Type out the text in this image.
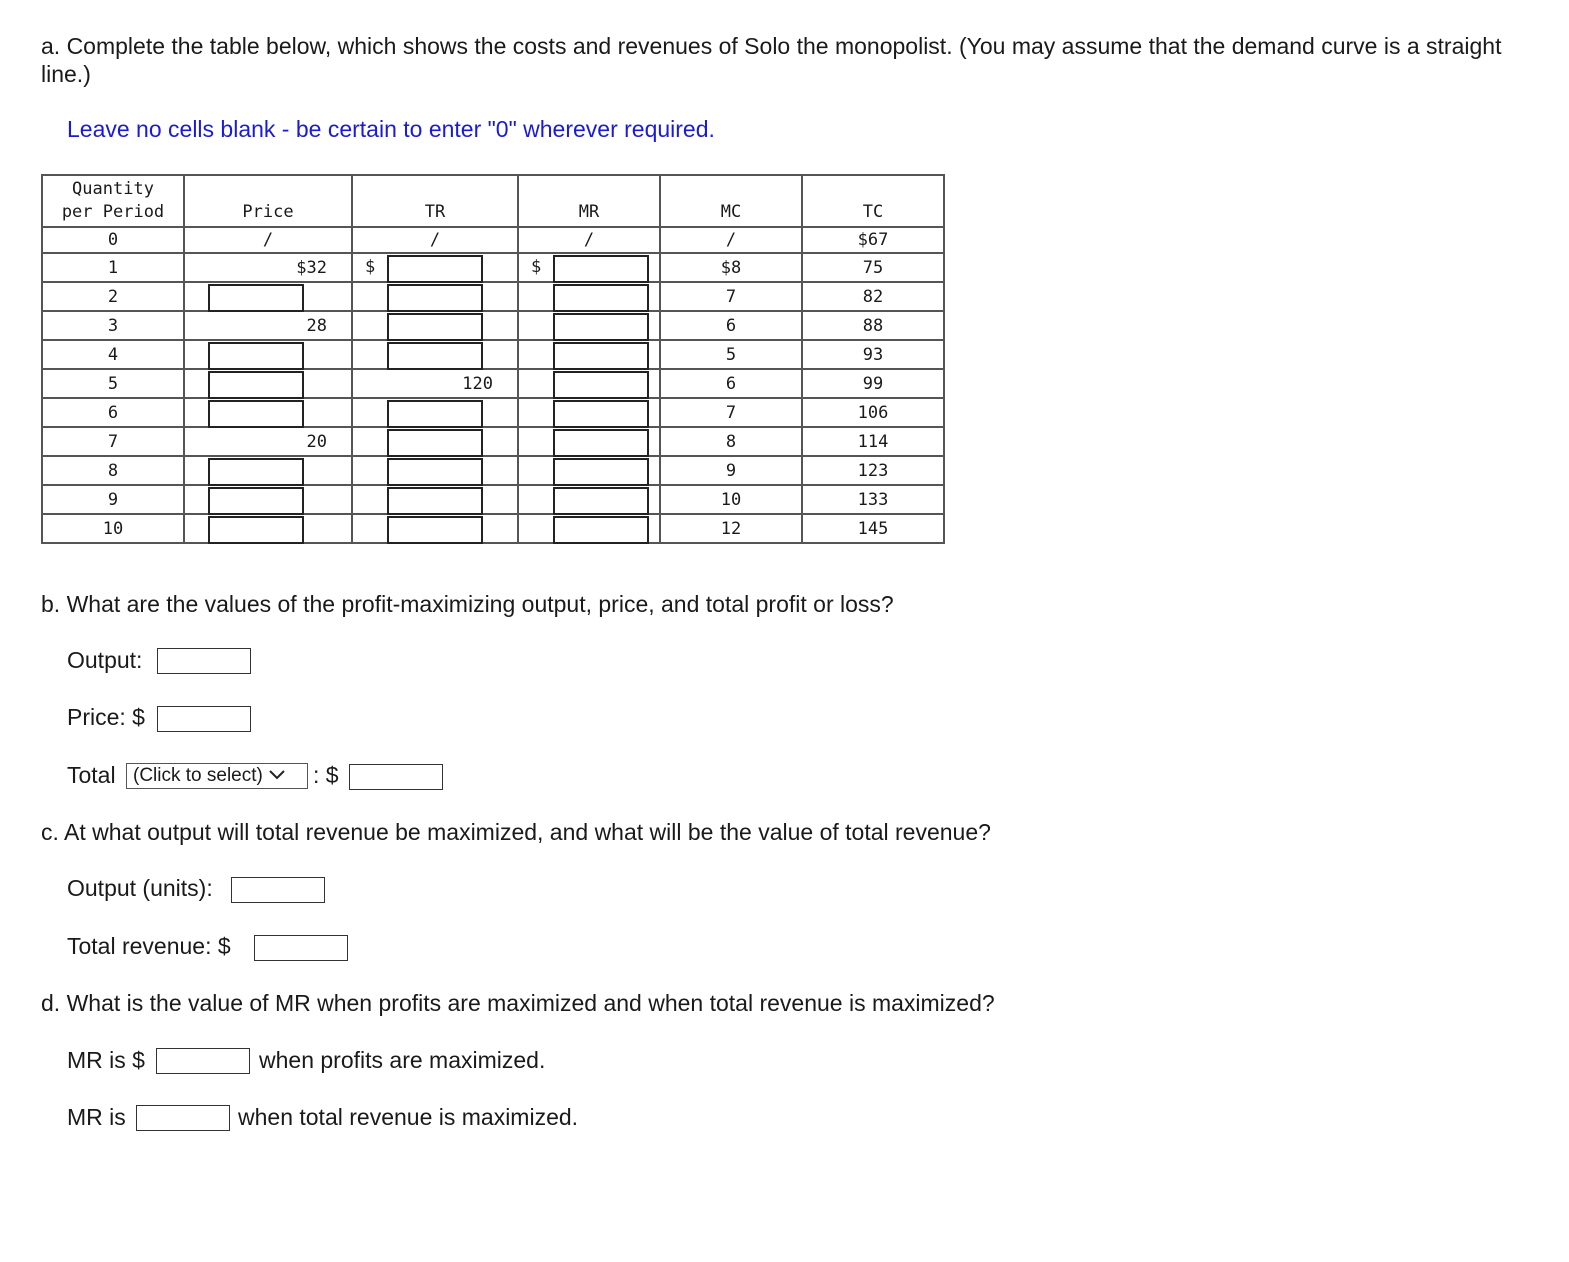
a. Complete the table below, which shows the costs and revenues of Solo the monopolist. (You may assume that the demand curve is a straight line.)
Leave no cells blank - be certain to enter "0" wherever required.
Quantity
per Period	Price	TR	MR	MC	TC
0	/	/	/	/	$67
1	$32	$	$	$8	75
2				7	82
3	28			6	88
4				5	93
5		120		6	99
6				7	106
7	20			8	114
8				9	123
9				10	133
10				12	145
b. What are the values of the profit-maximizing output, price, and total profit or loss?
Output:
Price: $
Total (Click to select) : $
c. At what output will total revenue be maximized, and what will be the value of total revenue?
Output (units):
Total revenue: $
d. What is the value of MR when profits are maximized and when total revenue is maximized?
MR is $	when profits are maximized.
MR is	when total revenue is maximized.
